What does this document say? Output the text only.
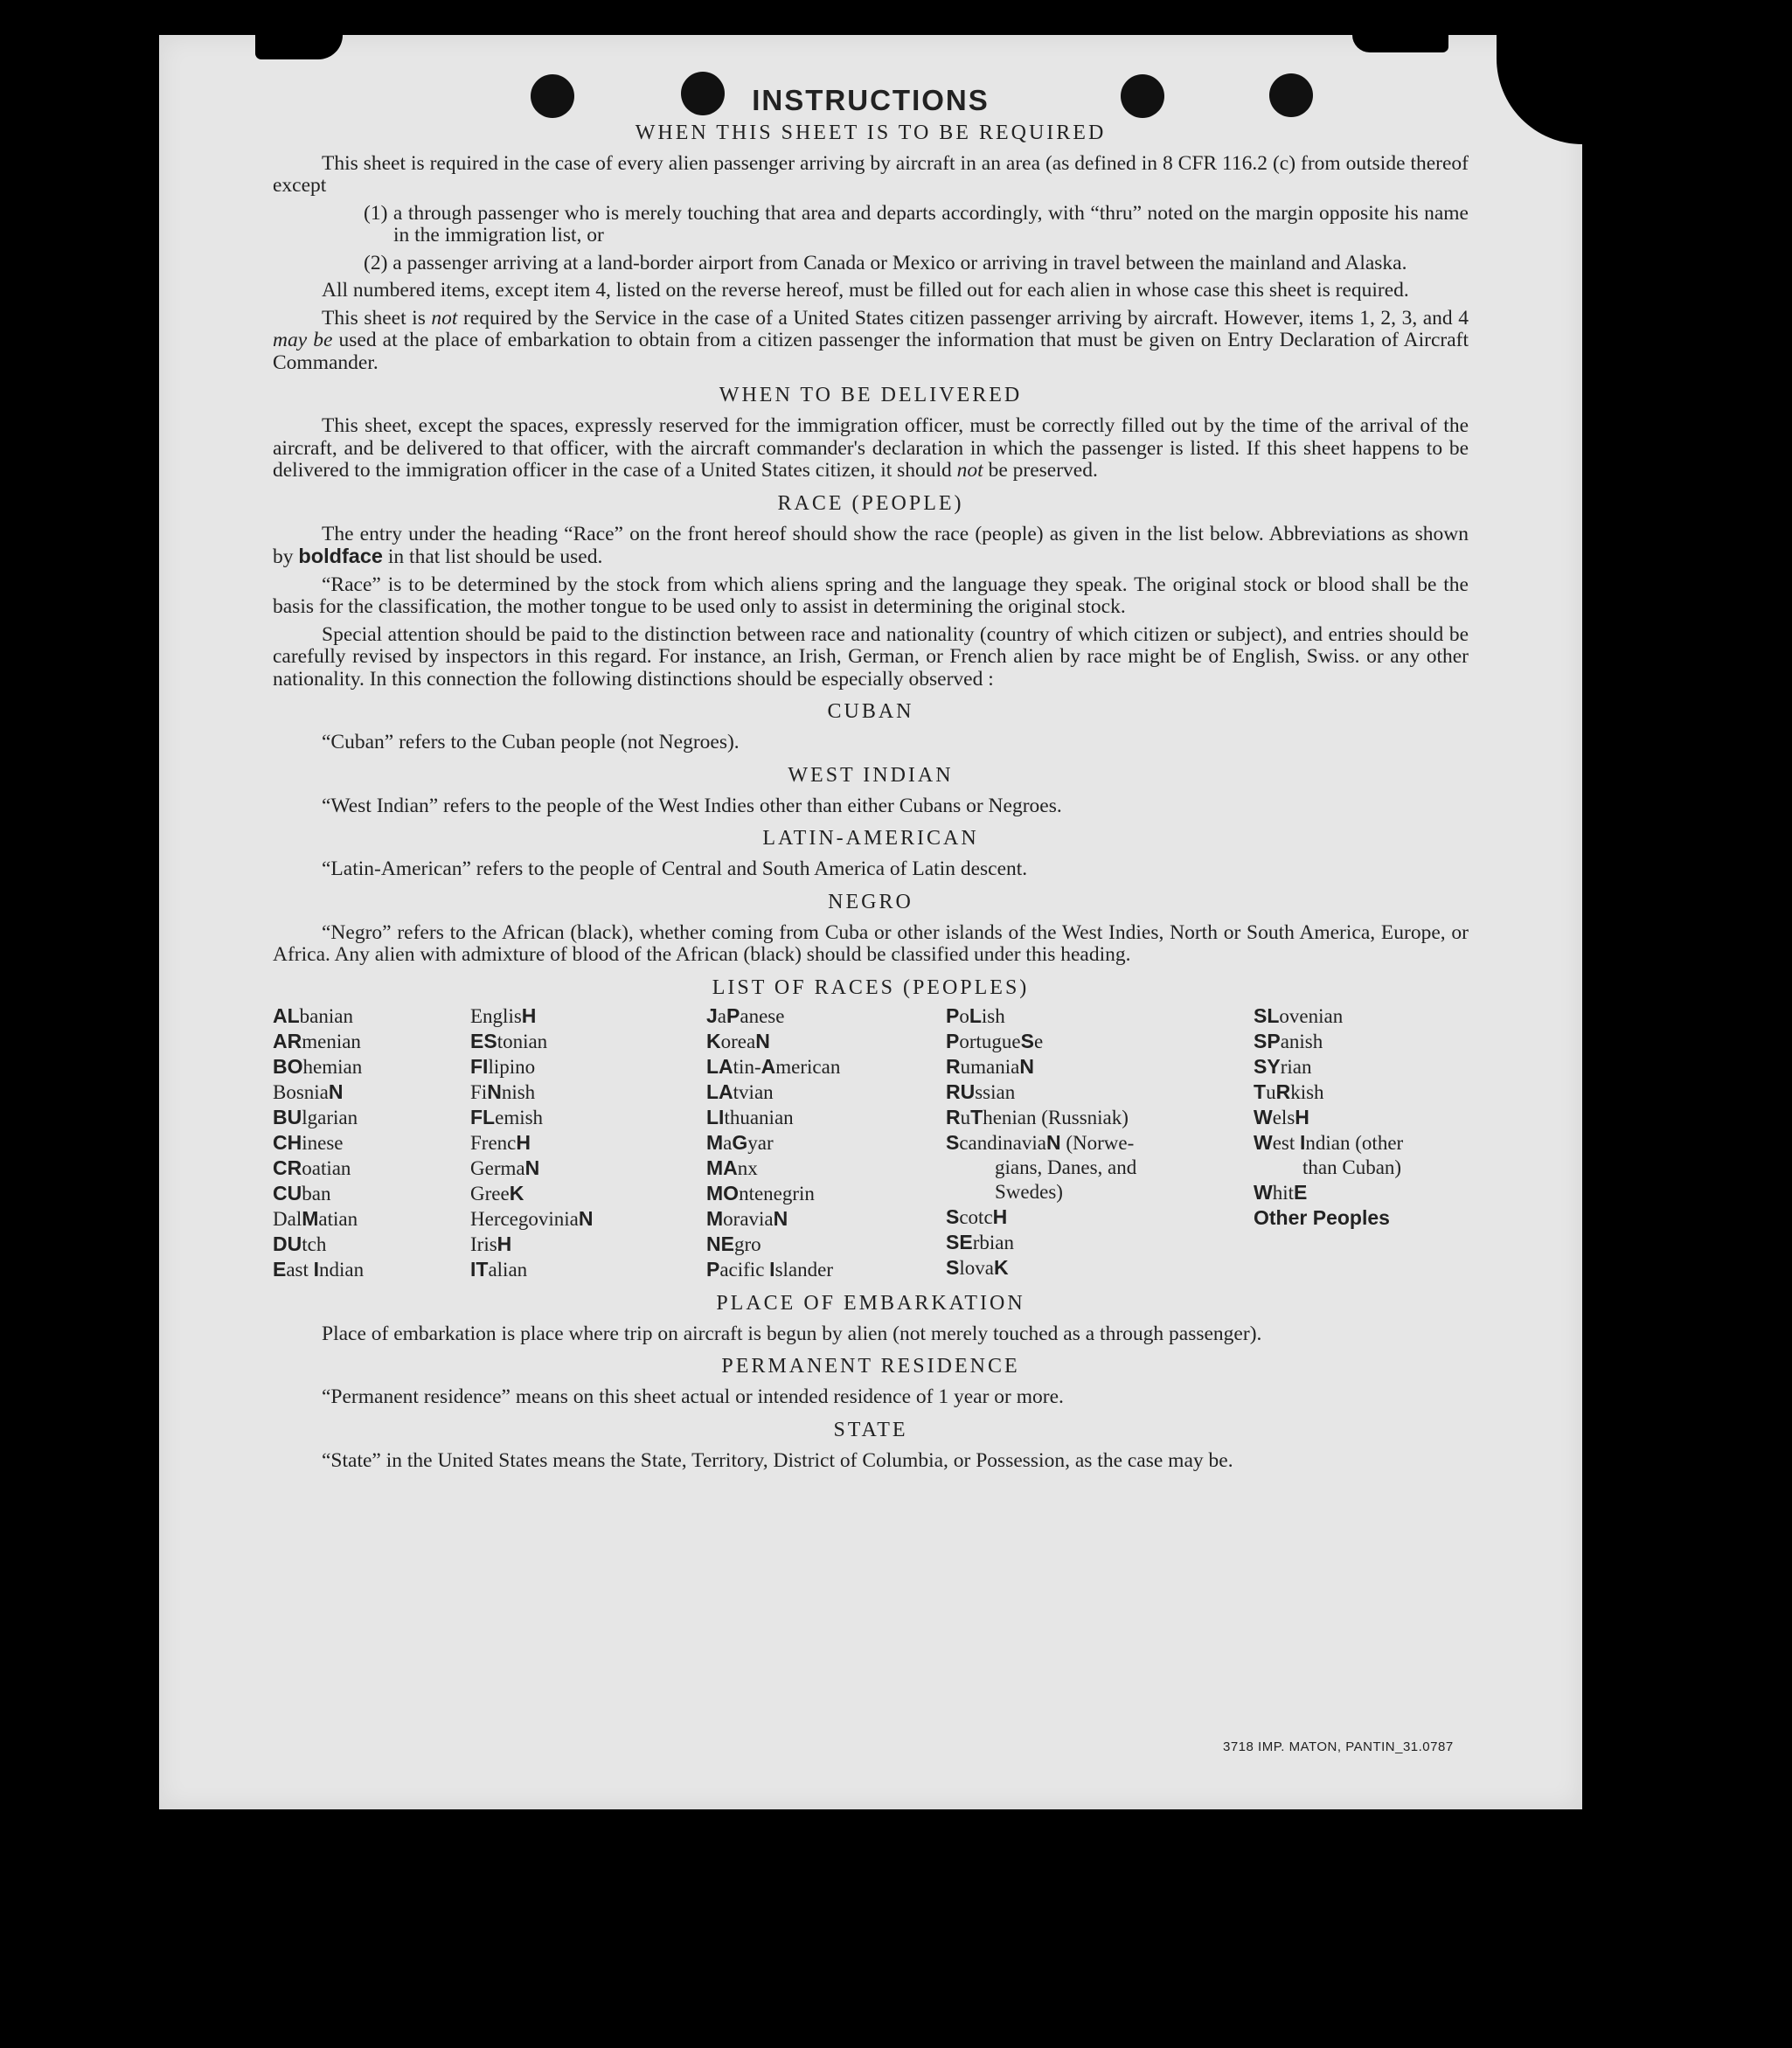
INSTRUCTIONS
WHEN THIS SHEET IS TO BE REQUIRED

This sheet is required in the case of every alien passenger arriving by aircraft in an area (as defined in 8 CFR 116.2 (c) from outside thereof except

(1) a through passenger who is merely touching that area and departs accordingly, with “thru” noted on the margin opposite his name in the immigration list, or
(2) a passenger arriving at a land-border airport from Canada or Mexico or arriving in travel between the mainland and Alaska.

All numbered items, except item 4, listed on the reverse hereof, must be filled out for each alien in whose case this sheet is required.

This sheet is not required by the Service in the case of a United States citizen passenger arriving by aircraft. However, items 1, 2, 3, and 4 may be used at the place of embarkation to obtain from a citizen passenger the information that must be given on Entry Declaration of Aircraft Commander.

WHEN TO BE DELIVERED

This sheet, except the spaces, expressly reserved for the immigration officer, must be correctly filled out by the time of the arrival of the aircraft, and be delivered to that officer, with the aircraft commander's declaration in which the passenger is listed. If this sheet happens to be delivered to the immigration officer in the case of a United States citizen, it should not be preserved.

RACE (PEOPLE)

The entry under the heading “Race” on the front hereof should show the race (people) as given in the list below. Abbreviations as shown by boldface in that list should be used.

“Race” is to be determined by the stock from which aliens spring and the language they speak. The original stock or blood shall be the basis for the classification, the mother tongue to be used only to assist in determining the original stock.

Special attention should be paid to the distinction between race and nationality (country of which citizen or subject), and entries should be carefully revised by inspectors in this regard. For instance, an Irish, German, or French alien by race might be of English, Swiss. or any other nationality. In this connection the following distinctions should be especially observed :

CUBAN

“Cuban” refers to the Cuban people (not Negroes).

WEST INDIAN

“West Indian” refers to the people of the West Indies other than either Cubans or Negroes.

LATIN-AMERICAN

“Latin-American” refers to the people of Central and South America of Latin descent.

NEGRO

“Negro” refers to the African (black), whether coming from Cuba or other islands of the West Indies, North or South America, Europe, or Africa. Any alien with admixture of blood of the African (black) should be classified under this heading.

LIST OF RACES (PEOPLES)
ALbanian
ARmenian
BOhemian
BosniaN
BUlgarian
CHinese
CRoatian
CUban
DalMatian
DUtch
East Indian
EnglisH
EStonian
FIlipino
FiNnish
FLemish
FrencH
GermaN
GreeK
HercegoviniaN
IrisH
ITalian
JaPanese
KoreaN
LAtin-American
LAtvian
LIthuanian
MaGyar
MAnx
MOntenegrin
MoraviaN
NEgro
Pacific Islander
PoLish
PortugueSe
RumaniaN
RUssian
RuThenian (Russniak)
ScandinaviaN (Norwe-
gians, Danes, and
Swedes)
ScotcH
SErbian
SlovaK
SLovenian
SPanish
SYrian
TuRkish
WelsH
West Indian (other
than Cuban)
WhitE
Other Peoples
PLACE OF EMBARKATION

Place of embarkation is place where trip on aircraft is begun by alien (not merely touched as a through passenger).

PERMANENT RESIDENCE

“Permanent residence” means on this sheet actual or intended residence of 1 year or more.

STATE

“State” in the United States means the State, Territory, District of Columbia, or Possession, as the case may be.

3718 IMP. MATON, PANTIN_31.0787
